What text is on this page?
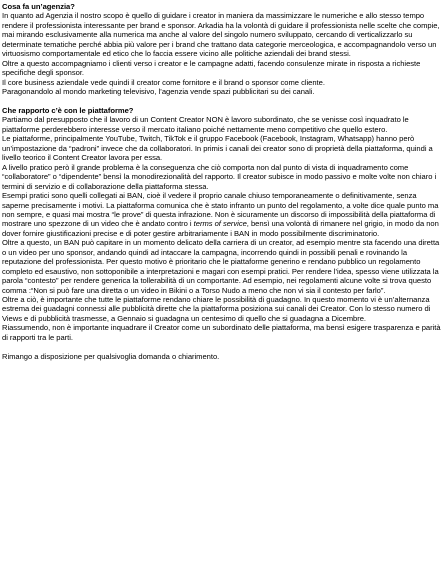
Cosa fa un’agenzia?
In quanto ad Agenzia il nostro scopo è quello di guidare i creator in maniera da massimizzare le numeriche e allo stesso tempo rendere il professionista interessante per brand e sponsor. Arkadia ha la volontà di guidare il professionista nelle scelte che compie, mai mirando esclusivamente alla numerica ma anche al valore del singolo numero sviluppato, cercando di verticalizzarlo su determinate tematiche perché abbia più valore per i brand che trattano data categorie merceologica, e accompagnandolo verso un virtuosismo comportamentale ed etico che lo faccia essere vicino alle politiche aziendali dei brand stessi.
Oltre a questo accompagniamo i clienti verso i creator e le campagne adatti, facendo consulenze mirate in risposta a richieste specifiche degli sponsor.
Il core business aziendale vede quindi il creator come fornitore e il brand o sponsor come cliente.
Paragonandolo al mondo marketing televisivo, l’agenzia vende spazi pubblicitari su dei canali.
Che rapporto c’è con le piattaforme?
Partiamo dal presupposto che il lavoro di un Content Creator NON è lavoro subordinato, che se venisse così inquadrato le piattaforme perderebbero interesse verso il mercato italiano poiché nettamente meno competitivo che quello estero.
Le piattaforme, principalmente YouTube, Twitch, TikTok e il gruppo Facebook (Facebook, Instagram, Whatsapp) hanno però un’impostazione da “padroni” invece che da collaboratori. In primis i canali dei creator sono di proprietà della piattaforma, quindi a livello teorico il Content Creator lavora per essa.
A livello pratico però il grande problema è la conseguenza che ciò comporta non dal punto di vista di inquadramento come “collaboratore” o “dipendente” bensì la monodirezionalità del rapporto. Il creator subisce in modo passivo e molte volte non chiaro i termini di servizio e di collaborazione della piattaforma stessa.
Esempi pratici sono quelli collegati ai BAN, cioè il vedere il proprio canale chiuso temporaneamente o definitivamente, senza saperne precisamente i motivi. La piattaforma comunica che è stato infranto un punto del regolamento, a volte dice quale punto ma non sempre, e quasi mai mostra “le prove” di questa infrazione. Non è sicuramente un discorso di impossibilità della piattaforma di mostrare uno spezzone di un video che è andato contro i terms of service, bensì una volontà di rimanere nel grigio, in modo da non dover fornire giustificazioni precise e di poter gestire arbitrariamente i BAN in modo possibilmente discriminatorio.
Oltre a questo, un BAN può capitare in un momento delicato della carriera di un creator, ad esempio mentre sta facendo una diretta o un video per uno sponsor, andando quindi ad intaccare la campagna, incorrendo quindi in possibili penali e rovinando la reputazione del professionista. Per questo motivo è prioritario che le piattaforme generino e rendano pubblico un regolamento completo ed esaustivo, non sottoponibile a interpretazioni e magari con esempi pratici. Per rendere l’idea, spesso viene utilizzata la parola “contesto” per rendere generica la tollerabilità di un comportante. Ad esempio, nei regolamenti alcune volte si trova questo comma :“Non si può fare una diretta o un video in Bikini o a Torso Nudo a meno che non vi sia il contesto per farlo”.
Oltre a ciò, è importante che tutte le piattaforme rendano chiare le possibilità di guadagno. In questo momento vi è un’alternanza estrema dei guadagni connessi alle pubblicità dirette che la piattaforma posiziona sui canali dei Creator. Con lo stesso numero di Views e di pubblicità trasmesse, a Gennaio si guadagna un centesimo di quello che si guadagna a Dicembre.
Riassumendo, non è importante inquadrare il Creator come un subordinato delle piattaforma, ma bensì esigere trasparenza e parità di rapporti tra le parti.
Rimango a disposizione per qualsivoglia domanda o chiarimento.
